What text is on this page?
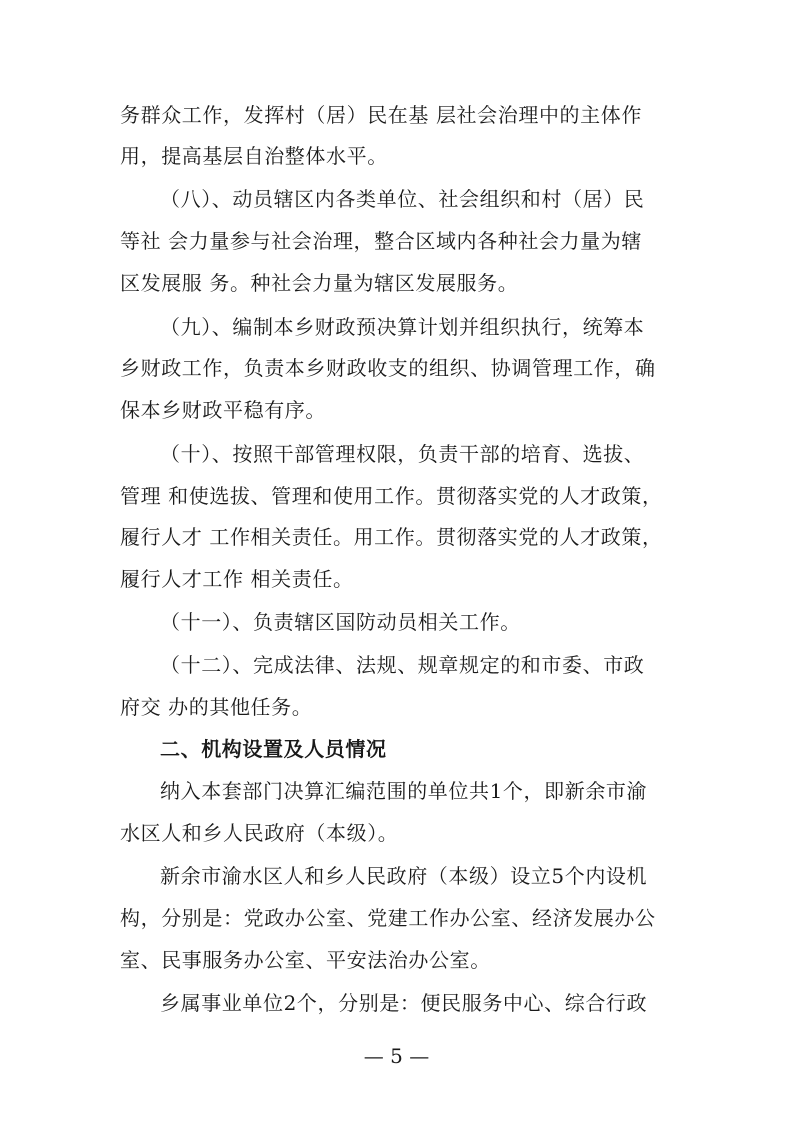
务群众工作，发挥村（居）民在基 层社会治理中的主体作
用，提高基层自治整体水平。
（八）、动员辖区内各类单位、社会组织和村（居）民
等社 会力量参与社会治理，整合区域内各种社会力量为辖
区发展服 务。种社会力量为辖区发展服务。
（九）、编制本乡财政预决算计划并组织执行，统筹本
乡财政工作，负责本乡财政收支的组织、协调管理工作，确
保本乡财政平稳有序。
（十）、按照干部管理权限，负责干部的培育、选拔、
管理 和使选拔、管理和使用工作。贯彻落实党的人才政策，
履行人才 工作相关责任。用工作。贯彻落实党的人才政策，
履行人才工作 相关责任。
（十一）、负责辖区国防动员相关工作。
（十二）、完成法律、法规、规章规定的和市委、市政
府交 办的其他任务。
二、机构设置及人员情况
纳入本套部门决算汇编范围的单位共1个，即新余市渝
水区人和乡人民政府（本级）。
新余市渝水区人和乡人民政府（本级）设立5个内设机
构，分别是：党政办公室、党建工作办公室、经济发展办公
室、民事服务办公室、平安法治办公室。
乡属事业单位2个，分别是：便民服务中心、综合行政
— 5 —
